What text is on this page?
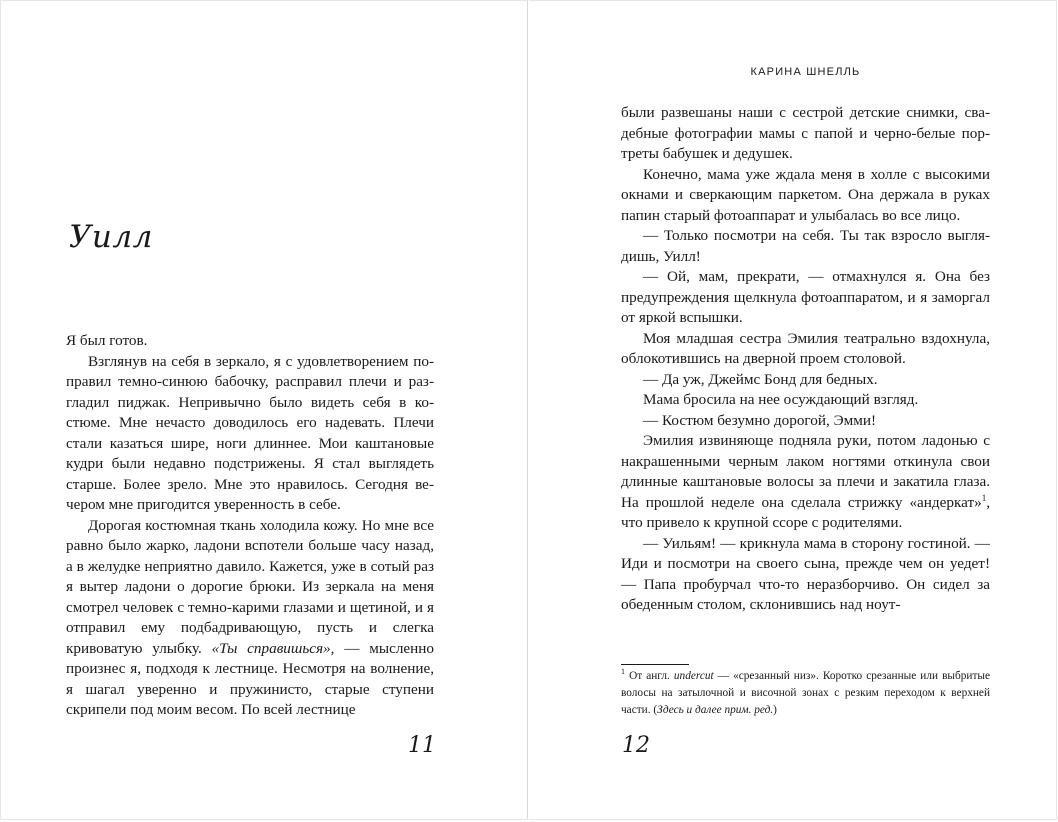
Уилл

Я был готов.

Взглянув на себя в зеркало, я с удовлетворением поправил темно-синюю бабочку, расправил плечи и разгладил пиджак. Непривычно было видеть себя в костюме. Мне нечасто доводилось его надевать. Плечи стали казаться шире, ноги длиннее. Мои каштановые кудри были недавно подстрижены. Я стал выглядеть старше. Более зрело. Мне это нравилось. Сегодня вечером мне пригодится уверенность в себе.

Дорогая костюмная ткань холодила кожу. Но мне все равно было жарко, ладони вспотели больше часу назад, а в желудке неприятно давило. Кажется, уже в сотый раз я вытер ладони о дорогие брюки. Из зеркала на меня смотрел человек с темно-карими глазами и щетиной, и я отправил ему подбадривающую, пусть и слегка кривоватую улыбку. «Ты справишься», — мысленно произнес я, подходя к лестнице. Несмотря на волнение, я шагал уверенно и пружинисто, старые ступени скрипели под моим весом. По всей лестнице

11
КАРИНА ШНЕЛЛЬ

были развешаны наши с сестрой детские снимки, свадебные фотографии мамы с папой и черно-белые портреты бабушек и дедушек.

Конечно, мама уже ждала меня в холле с высокими окнами и сверкающим паркетом. Она держала в руках папин старый фотоаппарат и улыбалась во все лицо.

— Только посмотри на себя. Ты так взросло выглядишь, Уилл!

— Ой, мам, прекрати, — отмахнулся я. Она без предупреждения щелкнула фотоаппаратом, и я заморгал от яркой вспышки.

Моя младшая сестра Эмилия театрально вздохнула, облокотившись на дверной проем столовой.

— Да уж, Джеймс Бонд для бедных.

Мама бросила на нее осуждающий взгляд.

— Костюм безумно дорогой, Эмми!

Эмилия извиняюще подняла руки, потом ладонью с накрашенными черным лаком ногтями откинула свои длинные каштановые волосы за плечи и закатила глаза. На прошлой неделе она сделала стрижку «андеркат»$^1$, что привело к крупной ссоре с родителями.

— Уильям! — крикнула мама в сторону гостиной. — Иди и посмотри на своего сына, прежде чем он уедет! — Папа пробурчал что-то неразборчиво. Он сидел за обеденным столом, склонившись над ноут-

$^1$ От англ. undercut — «срезанный низ». Коротко срезанные или выбритые волосы на затылочной и височной зонах с резким переходом к верхней части. (Здесь и далее прим. ред.)
12
